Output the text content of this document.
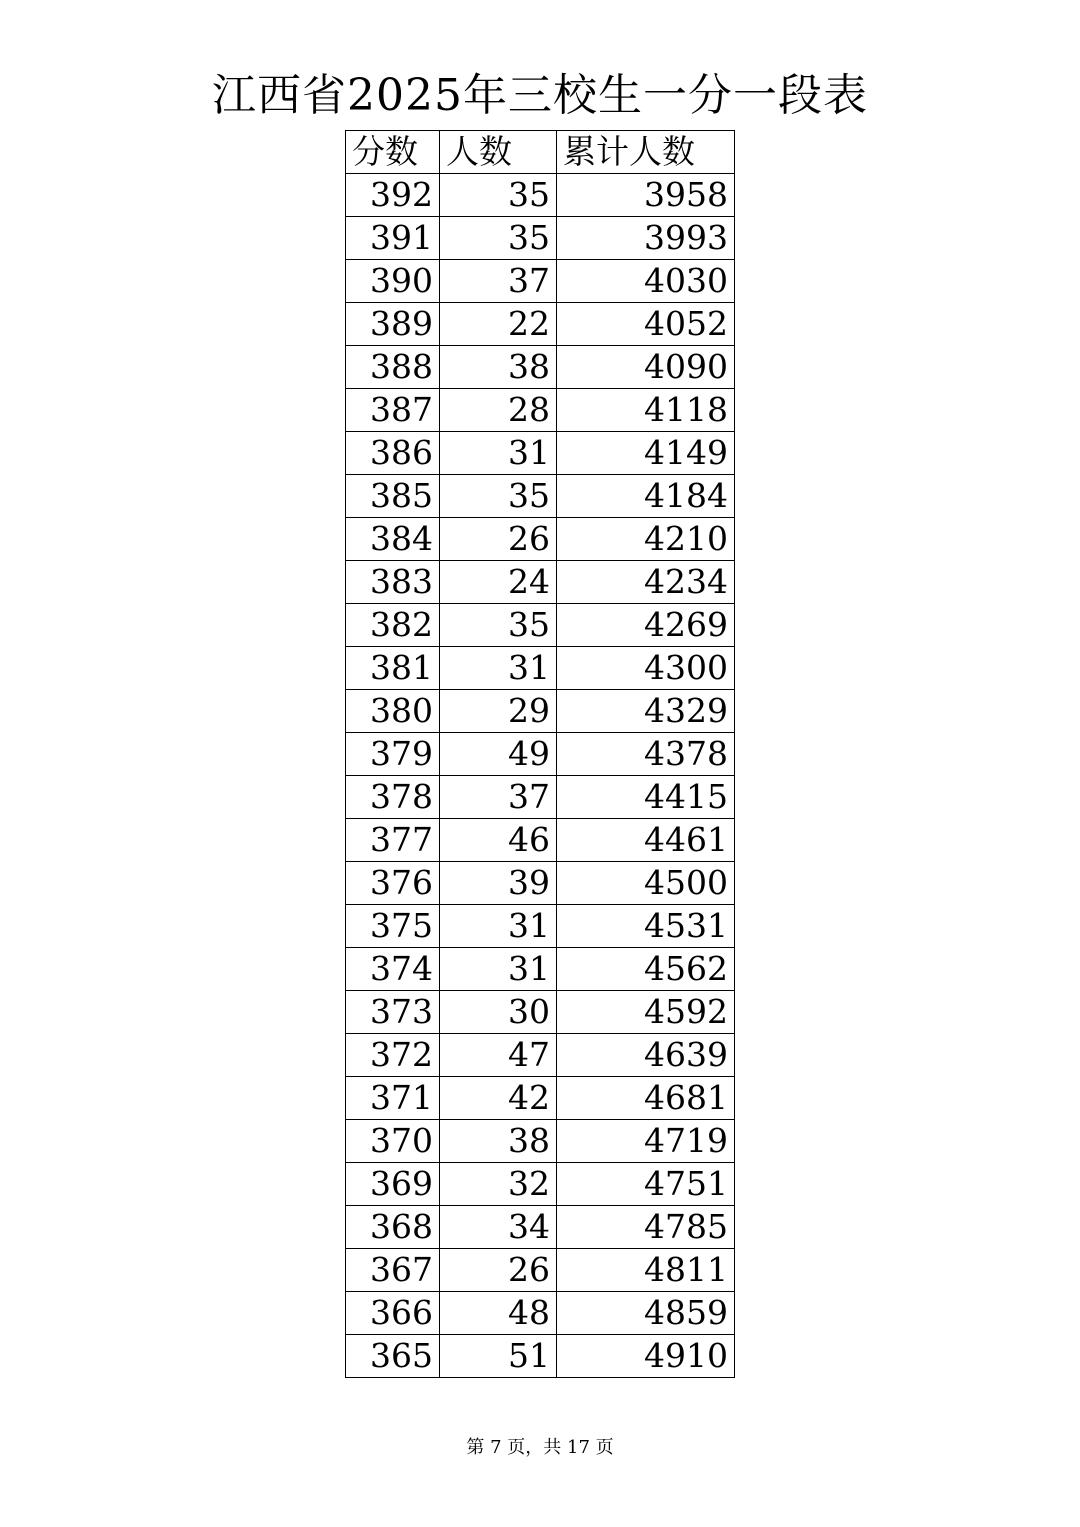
江西省2025年三校生一分一段表
分数	人数	累计人数
392	35	3958
391	35	3993
390	37	4030
389	22	4052
388	38	4090
387	28	4118
386	31	4149
385	35	4184
384	26	4210
383	24	4234
382	35	4269
381	31	4300
380	29	4329
379	49	4378
378	37	4415
377	46	4461
376	39	4500
375	31	4531
374	31	4562
373	30	4592
372	47	4639
371	42	4681
370	38	4719
369	32	4751
368	34	4785
367	26	4811
366	48	4859
365	51	4910
第 7 页，共 17 页
